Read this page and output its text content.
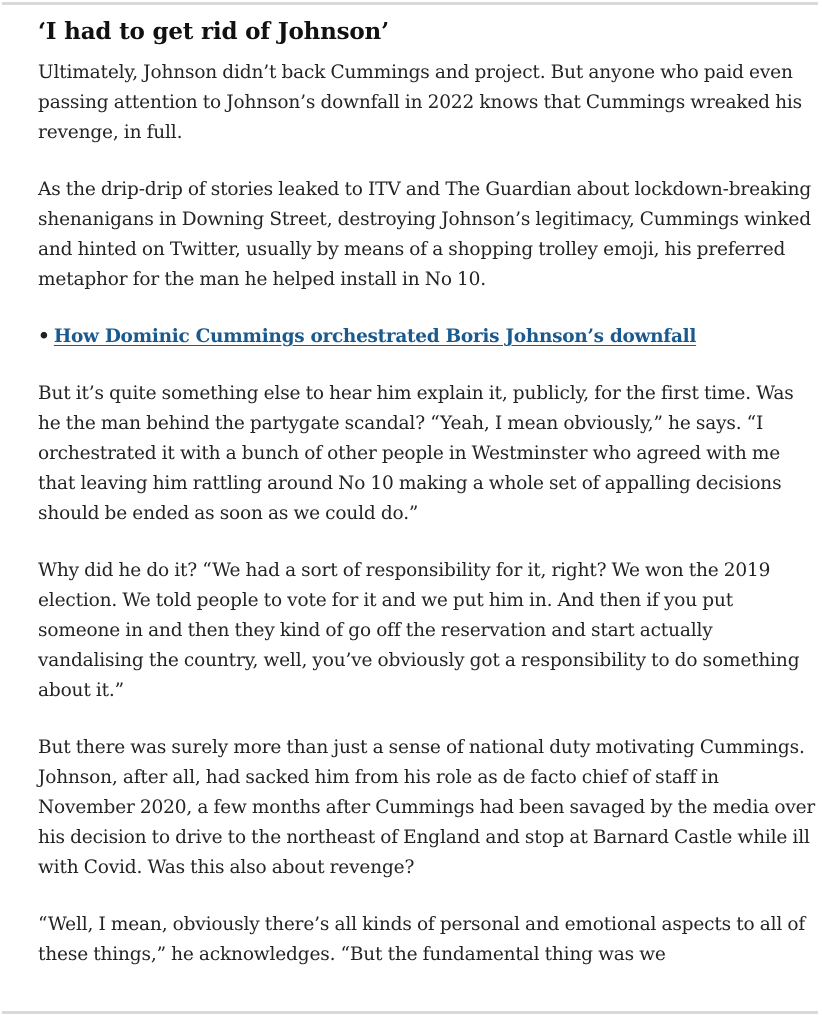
‘I had to get rid of Johnson’

Ultimately, Johnson didn’t back Cummings and project. But anyone who paid even passing attention to Johnson’s downfall in 2022 knows that Cummings wreaked his revenge, in full.

As the drip-drip of stories leaked to ITV and The Guardian about lockdown-breaking shenanigans in Downing Street, destroying Johnson’s legitimacy, Cummings winked and hinted on Twitter, usually by means of a shopping trolley emoji, his preferred metaphor for the man he helped install in No 10.

• How Dominic Cummings orchestrated Boris Johnson’s downfall

But it’s quite something else to hear him explain it, publicly, for the first time. Was he the man behind the partygate scandal? “Yeah, I mean obviously,” he says. “I orchestrated it with a bunch of other people in Westminster who agreed with me that leaving him rattling around No 10 making a whole set of appalling decisions should be ended as soon as we could do.”

Why did he do it? “We had a sort of responsibility for it, right? We won the 2019 election. We told people to vote for it and we put him in. And then if you put someone in and then they kind of go off the reservation and start actually vandalising the country, well, you’ve obviously got a responsibility to do something about it.”

But there was surely more than just a sense of national duty motivating Cummings. Johnson, after all, had sacked him from his role as de facto chief of staff in November 2020, a few months after Cummings had been savaged by the media over his decision to drive to the northeast of England and stop at Barnard Castle while ill with Covid. Was this also about revenge?

“Well, I mean, obviously there’s all kinds of personal and emotional aspects to all of these things,” he acknowledges. “But the fundamental thing was we
